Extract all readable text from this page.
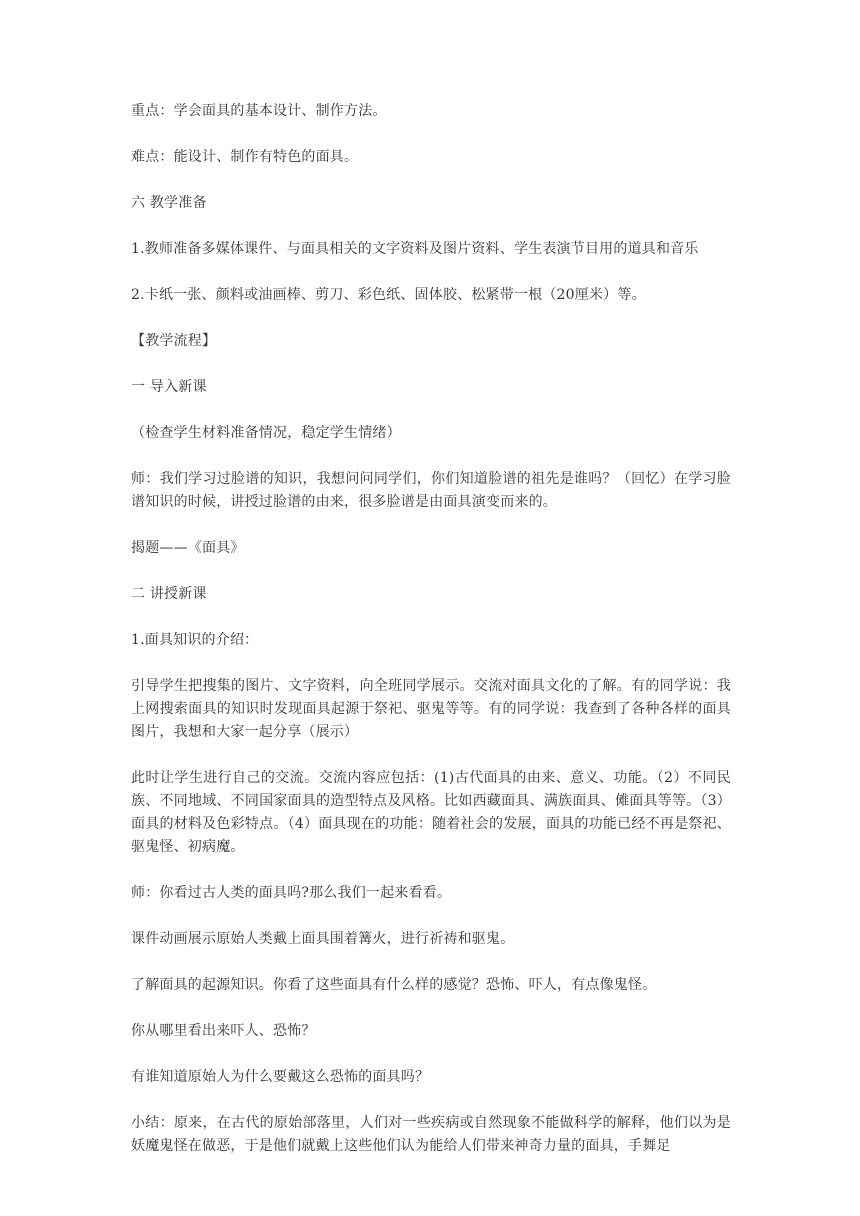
重点：学会面具的基本设计、制作方法。

难点：能设计、制作有特色的面具。

六 教学准备

1.教师准备多媒体课件、与面具相关的文字资料及图片资料、学生表演节目用的道具和音乐

2.卡纸一张、颜料或油画棒、剪刀、彩色纸、固体胶、松紧带一根（20厘米）等。

【教学流程】

一 导入新课

（检查学生材料准备情况，稳定学生情绪）

师：我们学习过脸谱的知识，我想问问同学们，你们知道脸谱的祖先是谁吗？（回忆）在学习脸谱知识的时候，讲授过脸谱的由来，很多脸谱是由面具演变而来的。

揭题——《面具》

二 讲授新课

1.面具知识的介绍：

引导学生把搜集的图片、文字资料，向全班同学展示。交流对面具文化的了解。有的同学说：我上网搜索面具的知识时发现面具起源于祭祀、驱鬼等等。有的同学说：我查到了各种各样的面具图片，我想和大家一起分享（展示）

此时让学生进行自己的交流。交流内容应包括：(1)古代面具的由来、意义、功能。（2）不同民族、不同地域、不同国家面具的造型特点及风格。比如西藏面具、满族面具、傩面具等等。（3）面具的材料及色彩特点。（4）面具现在的功能：随着社会的发展，面具的功能已经不再是祭祀、驱鬼怪、初病魔。

师：你看过古人类的面具吗?那么我们一起来看看。

课件动画展示原始人类戴上面具围着篝火，进行祈祷和驱鬼。

了解面具的起源知识。你看了这些面具有什么样的感觉？恐怖、吓人，有点像鬼怪。

你从哪里看出来吓人、恐怖？

有谁知道原始人为什么要戴这么恐怖的面具吗？

小结：原来，在古代的原始部落里，人们对一些疾病或自然现象不能做科学的解释，他们以为是妖魔鬼怪在做恶，于是他们就戴上这些他们认为能给人们带来神奇力量的面具，手舞足
